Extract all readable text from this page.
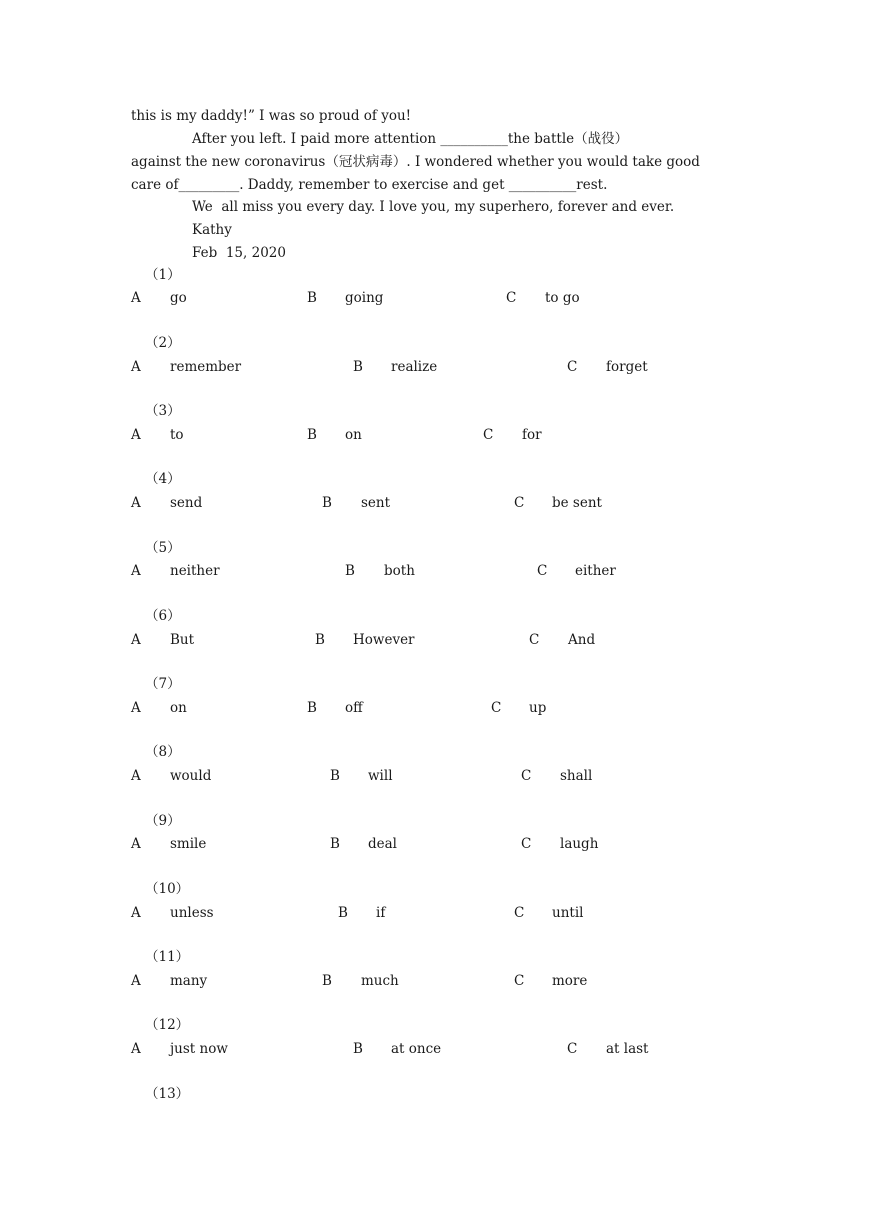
this is my daddy!” I was so proud of you!
After you left. I paid more attention __________the battle（战役）
against the new coronavirus（冠状病毒）. I wondered whether you would take good
care of_________. Daddy, remember to exercise and get __________rest.
We  all miss you every day. I love you, my superhero, forever and ever.
Kathy
Feb  15, 2020
（1）
A go	B going	C to go
（2）
A remember	B realize	C forget
（3）
A to	B on	C for
（4）
A send	B sent	C be sent
（5）
A neither	B both	C either
（6）
A But	B However	C And
（7）
A on	B off	C up
（8）
A would	B will	C shall
（9）
A smile	B deal	C laugh
（10）
A unless	B if	C until
（11）
A many	B much	C more
（12）
A just now	B at once	C at last
（13）
